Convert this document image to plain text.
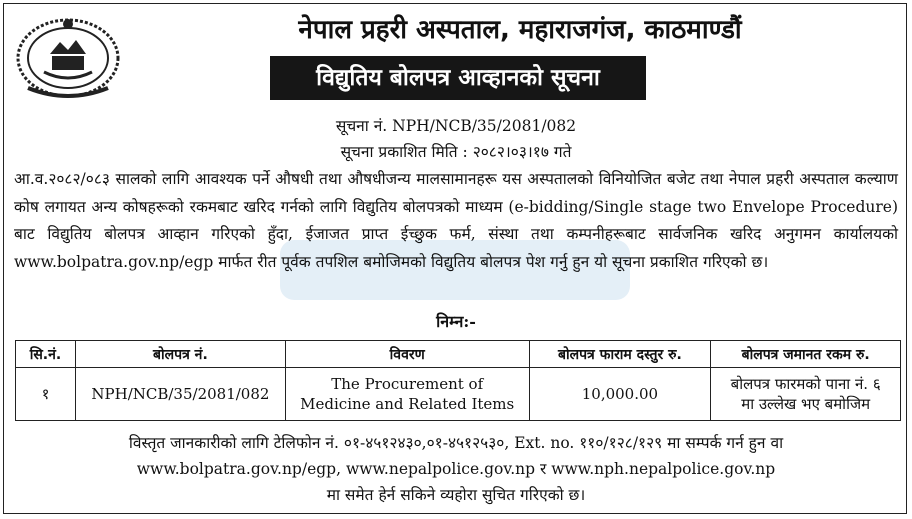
नेपाल प्रहरी अस्पताल, महाराजगंज, काठमाण्डौं
विद्युतिय बोलपत्र आव्हानको सूचना
सूचना नं. NPH/NCB/35/2081/082
सूचना प्रकाशित मिति : २०८२।०३।१७ गते
आ.व.२०८२/०८३ सालको लागि आवश्यक पर्ने औषधी तथा औषधीजन्य मालसामानहरू यस अस्पतालको विनियोजित बजेट तथा नेपाल प्रहरी अस्पताल कल्याण कोष लगायत अन्य कोषहरूको रकमबाट खरिद गर्नको लागि विद्युतिय बोलपत्रको माध्यम (e-bidding/Single stage two Envelope Procedure) बाट विद्युतिय बोलपत्र आव्हान गरिएको हुँदा, ईजाजत प्राप्त ईच्छुक फर्म, संस्था तथा कम्पनीहरूबाट सार्वजनिक खरिद अनुगमन कार्यालयको www.bolpatra.gov.np/egp मार्फत रीत पूर्वक तपशिल बमोजिमको विद्युतिय बोलपत्र पेश गर्नु हुन यो सूचना प्रकाशित गरिएको छ।
निम्न:-
सि.नं.	बोलपत्र नं.	विवरण	बोलपत्र फाराम दस्तुर रु.	बोलपत्र जमानत रकम रु.
१	NPH/NCB/35/2081/082	The Procurement of
Medicine and Related Items	10,000.00	बोलपत्र फारमको पाना नं. ६
मा उल्लेख भए बमोजिम
विस्तृत जानकारीको लागि टेलिफोन नं. ०१-४५१२४३०,०१-४५१२५३०, Ext. no. ११०/१२८/१२९ मा सम्पर्क गर्न हुन वा
www.bolpatra.gov.np/egp, www.nepalpolice.gov.np र www.nph.nepalpolice.gov.np
मा समेत हेर्न सकिने व्यहोरा सुचित गरिएको छ।
